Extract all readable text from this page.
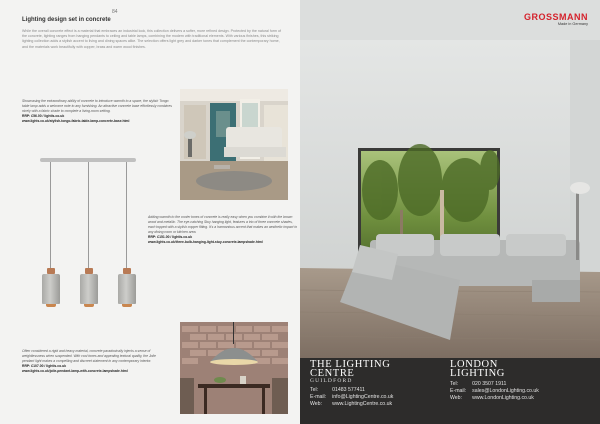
84
Lighting design set in concrete
While the overall concrete effect is a material that embraces an industrial look, this collection delivers a softer, more refined design. Protected by the natural form of the concrete, lighting ranges from hanging pendants to ceiling and table lamps, combining the modern with traditional elements. With various finishes, this striking lighting collection adds a stylish accent to living and dining spaces alike. The selection offers light grey and darker tones that complement the contemporary home, and the materials work beautifully with copper, brass and warm wood finishes.
Showcasing the extraordinary ability of concrete to introduce warmth to a space, the stylish Tongo table lamp adds a welcome note to any furnishing. An attractive concrete base effortlessly combines nicely with a fabric shade to complete a living-room setting.
RRP: £56.00 / lightls.co.uk
www.lights.co.uk/stylish-tongo-fabric-table-lamp-concrete-base.html
Adding warmth to the cooler tones of concrete is really easy when you combine it with the brown wood and metallic. The eye-catching Stuy hanging light, features a trio of three concrete shades, each topped with a stylish copper fitting. It's a harmonious accent that makes an aesthetic impact in any dining room or kitchen area.
RRP: £151.00 / lightls.co.uk
www.lights.co.uk/three-bulb-hanging-light-stuy-concrete-lampshade.html
Often considered a rigid and heavy material, concrete paradoxically injects a sense of weightlessness when suspended. With cool tones and appealing textural quality, the Jolie pendant light makes a compelling and discreet statement in any contemporary interior.
RRP: £107.00 / lightls.co.uk
www.lights.co.uk/jolie-pendant-lamp-with-concrete-lampshade.html
GROSSMANN
Made in Germany
THE LIGHTING
CENTRE
GUILDFORD
Tel:	01483 577411
E-mail:	info@LightingCentre.co.uk
Web:	www.LightingCentre.co.uk
LONDON
LIGHTING
Tel:	020 3507 1911
E-mail:	sales@LondonLighting.co.uk
Web:	www.LondonLighting.co.uk
